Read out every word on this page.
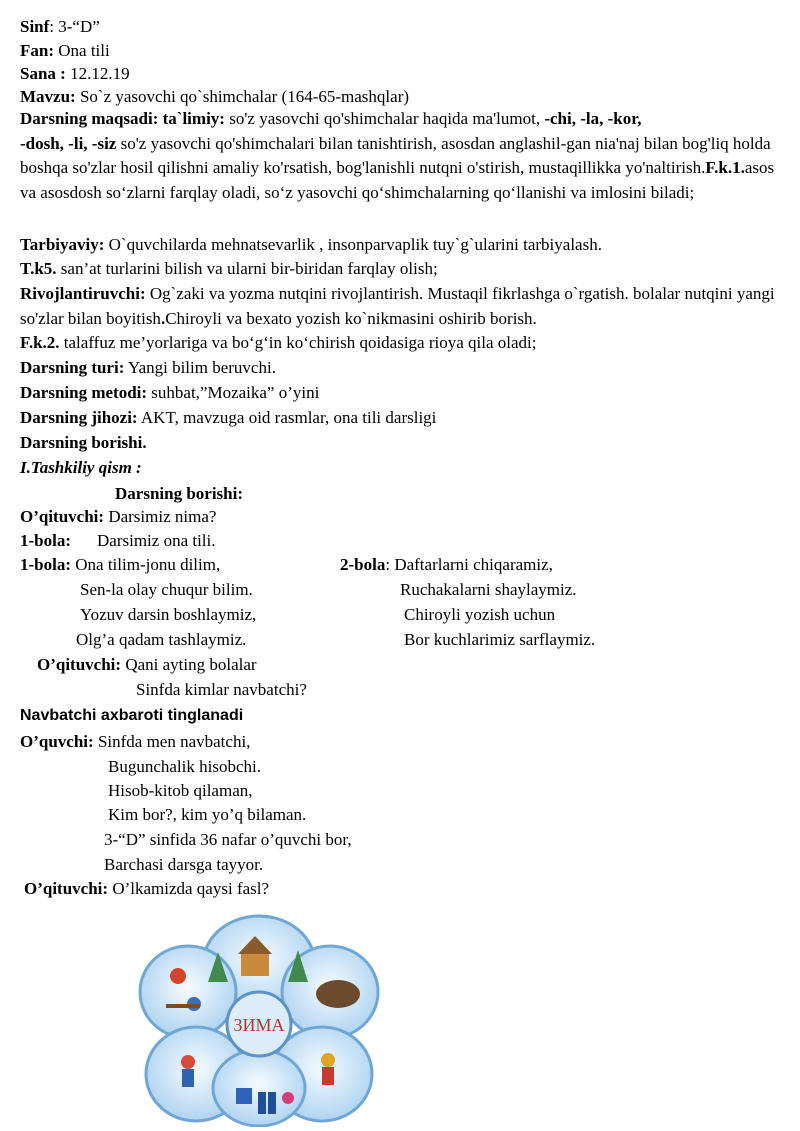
Sinf: 3-“D”
Fan: Ona tili
Sana : 12.12.19
Mavzu: So`z yasovchi qo`shimchalar (164-65-mashqlar)
Darsning maqsadi: ta`limiy: so'z yasovchi qo'shimchalar haqida ma'lumot, -chi, -la, -kor,
-dosh, -li, -siz so'z yasovchi qo'shimchalari bilan tanishtirish, asosdan anglashil-gan nia'naj bilan bog'liq holda boshqa so'zlar hosil qilishni amaliy ko'rsatish, bog'lanishli nutqni o'stirish, mustaqillikka yo'naltirish.F.k.1.asos va asosdosh so‘zlarni farqlay oladi, so‘z yasovchi qo‘shimchalarning qo‘llanishi va imlosini biladi;
Tarbiyaviy: O`quvchilarda mehnatsevarlik , insonparvaplik tuy`g`ularini tarbiyalash.
T.k5. san’at turlarini bilish va ularni bir-biridan farqlay olish;
Rivojlantiruvchi: Og`zaki va yozma nutqini rivojlantirish. Mustaqil fikrlashga o`rgatish. bolalar nutqini yangi so'zlar bilan boyitish.Chiroyli va bexato yozish ko`nikmasini oshirib borish.
F.k.2. talaffuz me’yorlariga va bo‘g‘in ko‘chirish qoidasiga rioya qila oladi;
Darsning turi: Yangi bilim beruvchi.
Darsning metodi: suhbat,”Mozaika” o’yini
Darsning jihozi: AKT, mavzuga oid rasmlar, ona tili darsligi
Darsning borishi.
I.Tashkiliy qism :
Darsning borishi:
O’qituvchi: Darsimiz nima?
1-bola: Darsimiz ona tili.
1-bola: Ona tilim-jonu dilim,
Sen-la olay chuqur bilim.
Yozuv darsin boshlaymiz,
Olg’a qadam tashlaymiz.
2-bola: Daftarlarni chiqaramiz,
Ruchakalarni shaylaymiz.
Chiroyli yozish uchun
Bor kuchlarimiz sarflaymiz.
O’qituvchi: Qani ayting bolalar
Sinfda kimlar navbatchi?
Navbatchi axbaroti tinglanadi
O’quvchi: Sinfda men navbatchi,
Bugunchalik hisobchi.
Hisob-kitob qilaman,
Kim bor?, kim yo’q bilaman.
3-“D” sinfida 36 nafar o’quvchi bor,
Barchasi darsga tayyor.
O’qituvchi: O’lkamizda qaysi fasl?
ЗИМА
